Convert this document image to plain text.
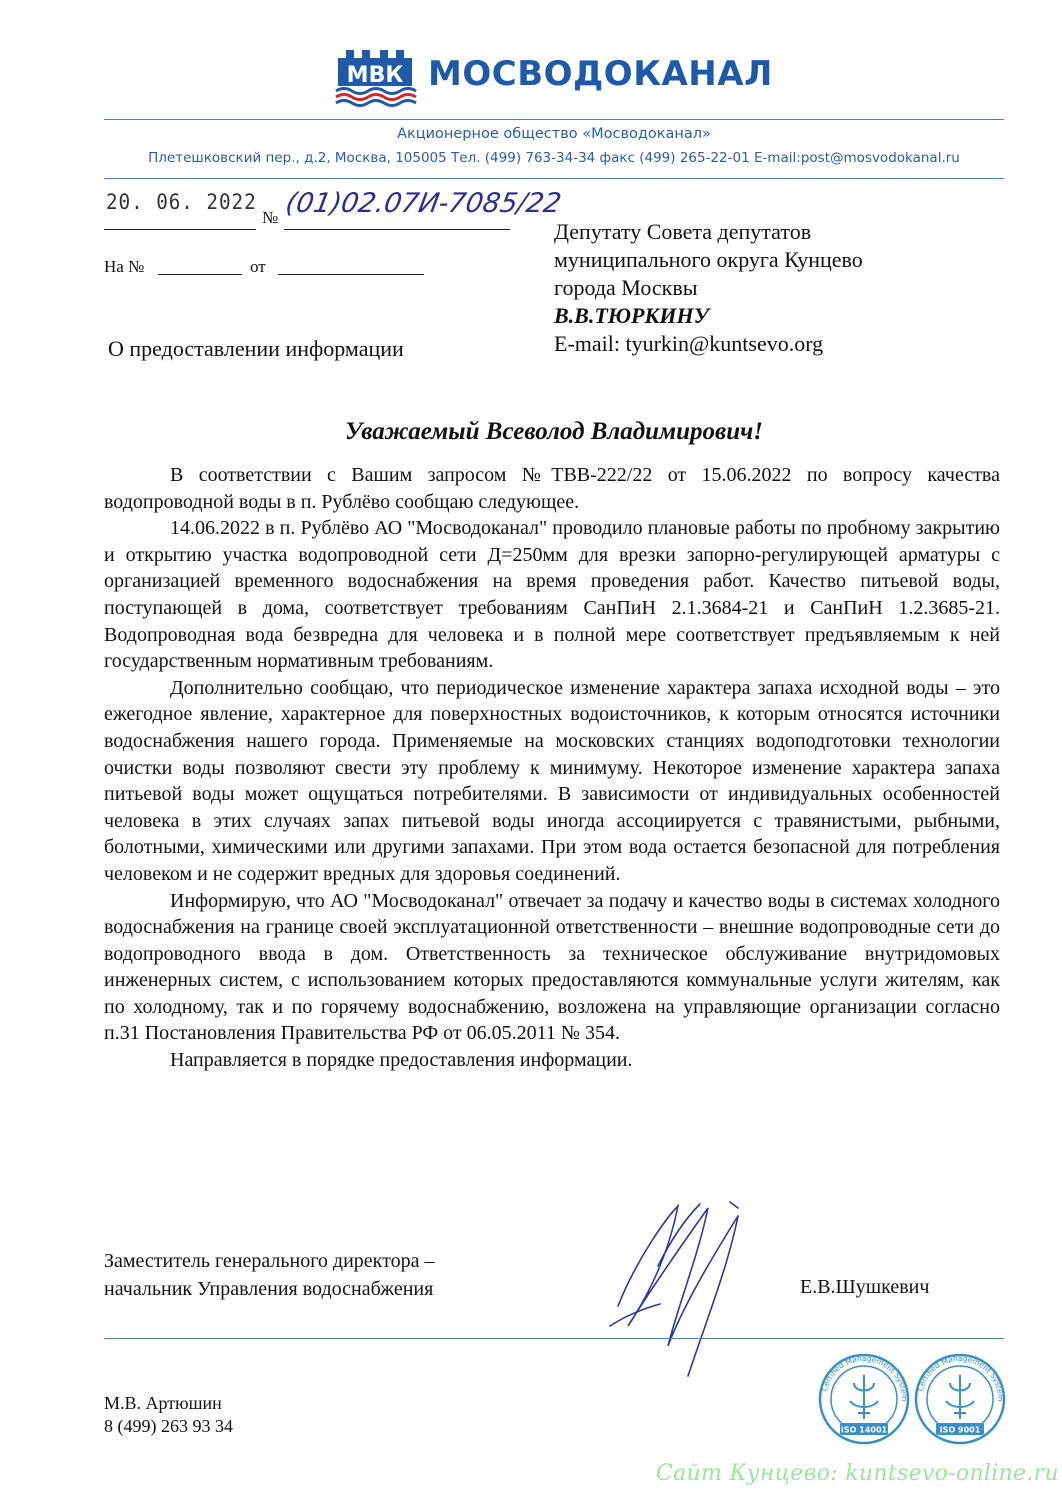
МВК МОСВОДОКАНАЛ
Акционерное общество «Мосводоканал»
Плетешковский пер., д.2, Москва, 105005 Тел. (499) 763-34-34 факс (499) 265-22-01 E-mail:post@mosvodokanal.ru
20. 06. 2022
№ (01)02.07И-7085/22
На №	от
О предоставлении информации
Депутату Совета депутатов
муниципального округа Кунцево
города Москвы
В.В.ТЮРКИНУ
E-mail: tyurkin@kuntsevo.org
Уважаемый Всеволод Владимирович!

В соответствии с Вашим запросом №ТВВ-222/22 от 15.06.2022 по вопросу качества водопроводной воды в п. Рублёво сообщаю следующее.

14.06.2022 в п. Рублёво АО "Мосводоканал" проводило плановые работы по пробному закрытию и открытию участка водопроводной сети Д=250мм для врезки запорно-регулирующей арматуры с организацией временного водоснабжения на время проведения работ. Качество питьевой воды, поступающей в дома, соответствует требованиям СанПиН 2.1.3684-21 и СанПиН 1.2.3685-21. Водопроводная вода безвредна для человека и в полной мере соответствует предъявляемым к ней государственным нормативным требованиям.

Дополнительно сообщаю, что периодическое изменение характера запаха исходной воды – это ежегодное явление, характерное для поверхностных водоисточников, к которым относятся источники водоснабжения нашего города. Применяемые на московских станциях водоподготовки технологии очистки воды позволяют свести эту проблему к минимуму. Некоторое изменение характера запаха питьевой воды может ощущаться потребителями. В зависимости от индивидуальных особенностей человека в этих случаях запах питьевой воды иногда ассоциируется с травянистыми, рыбными, болотными, химическими или другими запахами. При этом вода остается безопасной для потребления человеком и не содержит вредных для здоровья соединений.

Информирую, что АО "Мосводоканал" отвечает за подачу и качество воды в системах холодного водоснабжения на границе своей эксплуатационной ответственности – внешние водопроводные сети до водопроводного ввода в дом. Ответственность за техническое обслуживание внутридомовых инженерных систем, с использованием которых предоставляются коммунальные услуги жителям, как по холодному, так и по горячему водоснабжению, возложена на управляющие организации согласно п.31 Постановления Правительства РФ от 06.05.2011 № 354.

Направляется в порядке предоставления информации.

Заместитель генерального директора –
начальник Управления водоснабжения	Е.В.Шушкевич
М.В. Артюшин
8 (499) 263 93 34
Certified Management System
ISO 14001
Certified Management System
ISO 9001
Сайт Кунцево: kuntsevo-online.ru
